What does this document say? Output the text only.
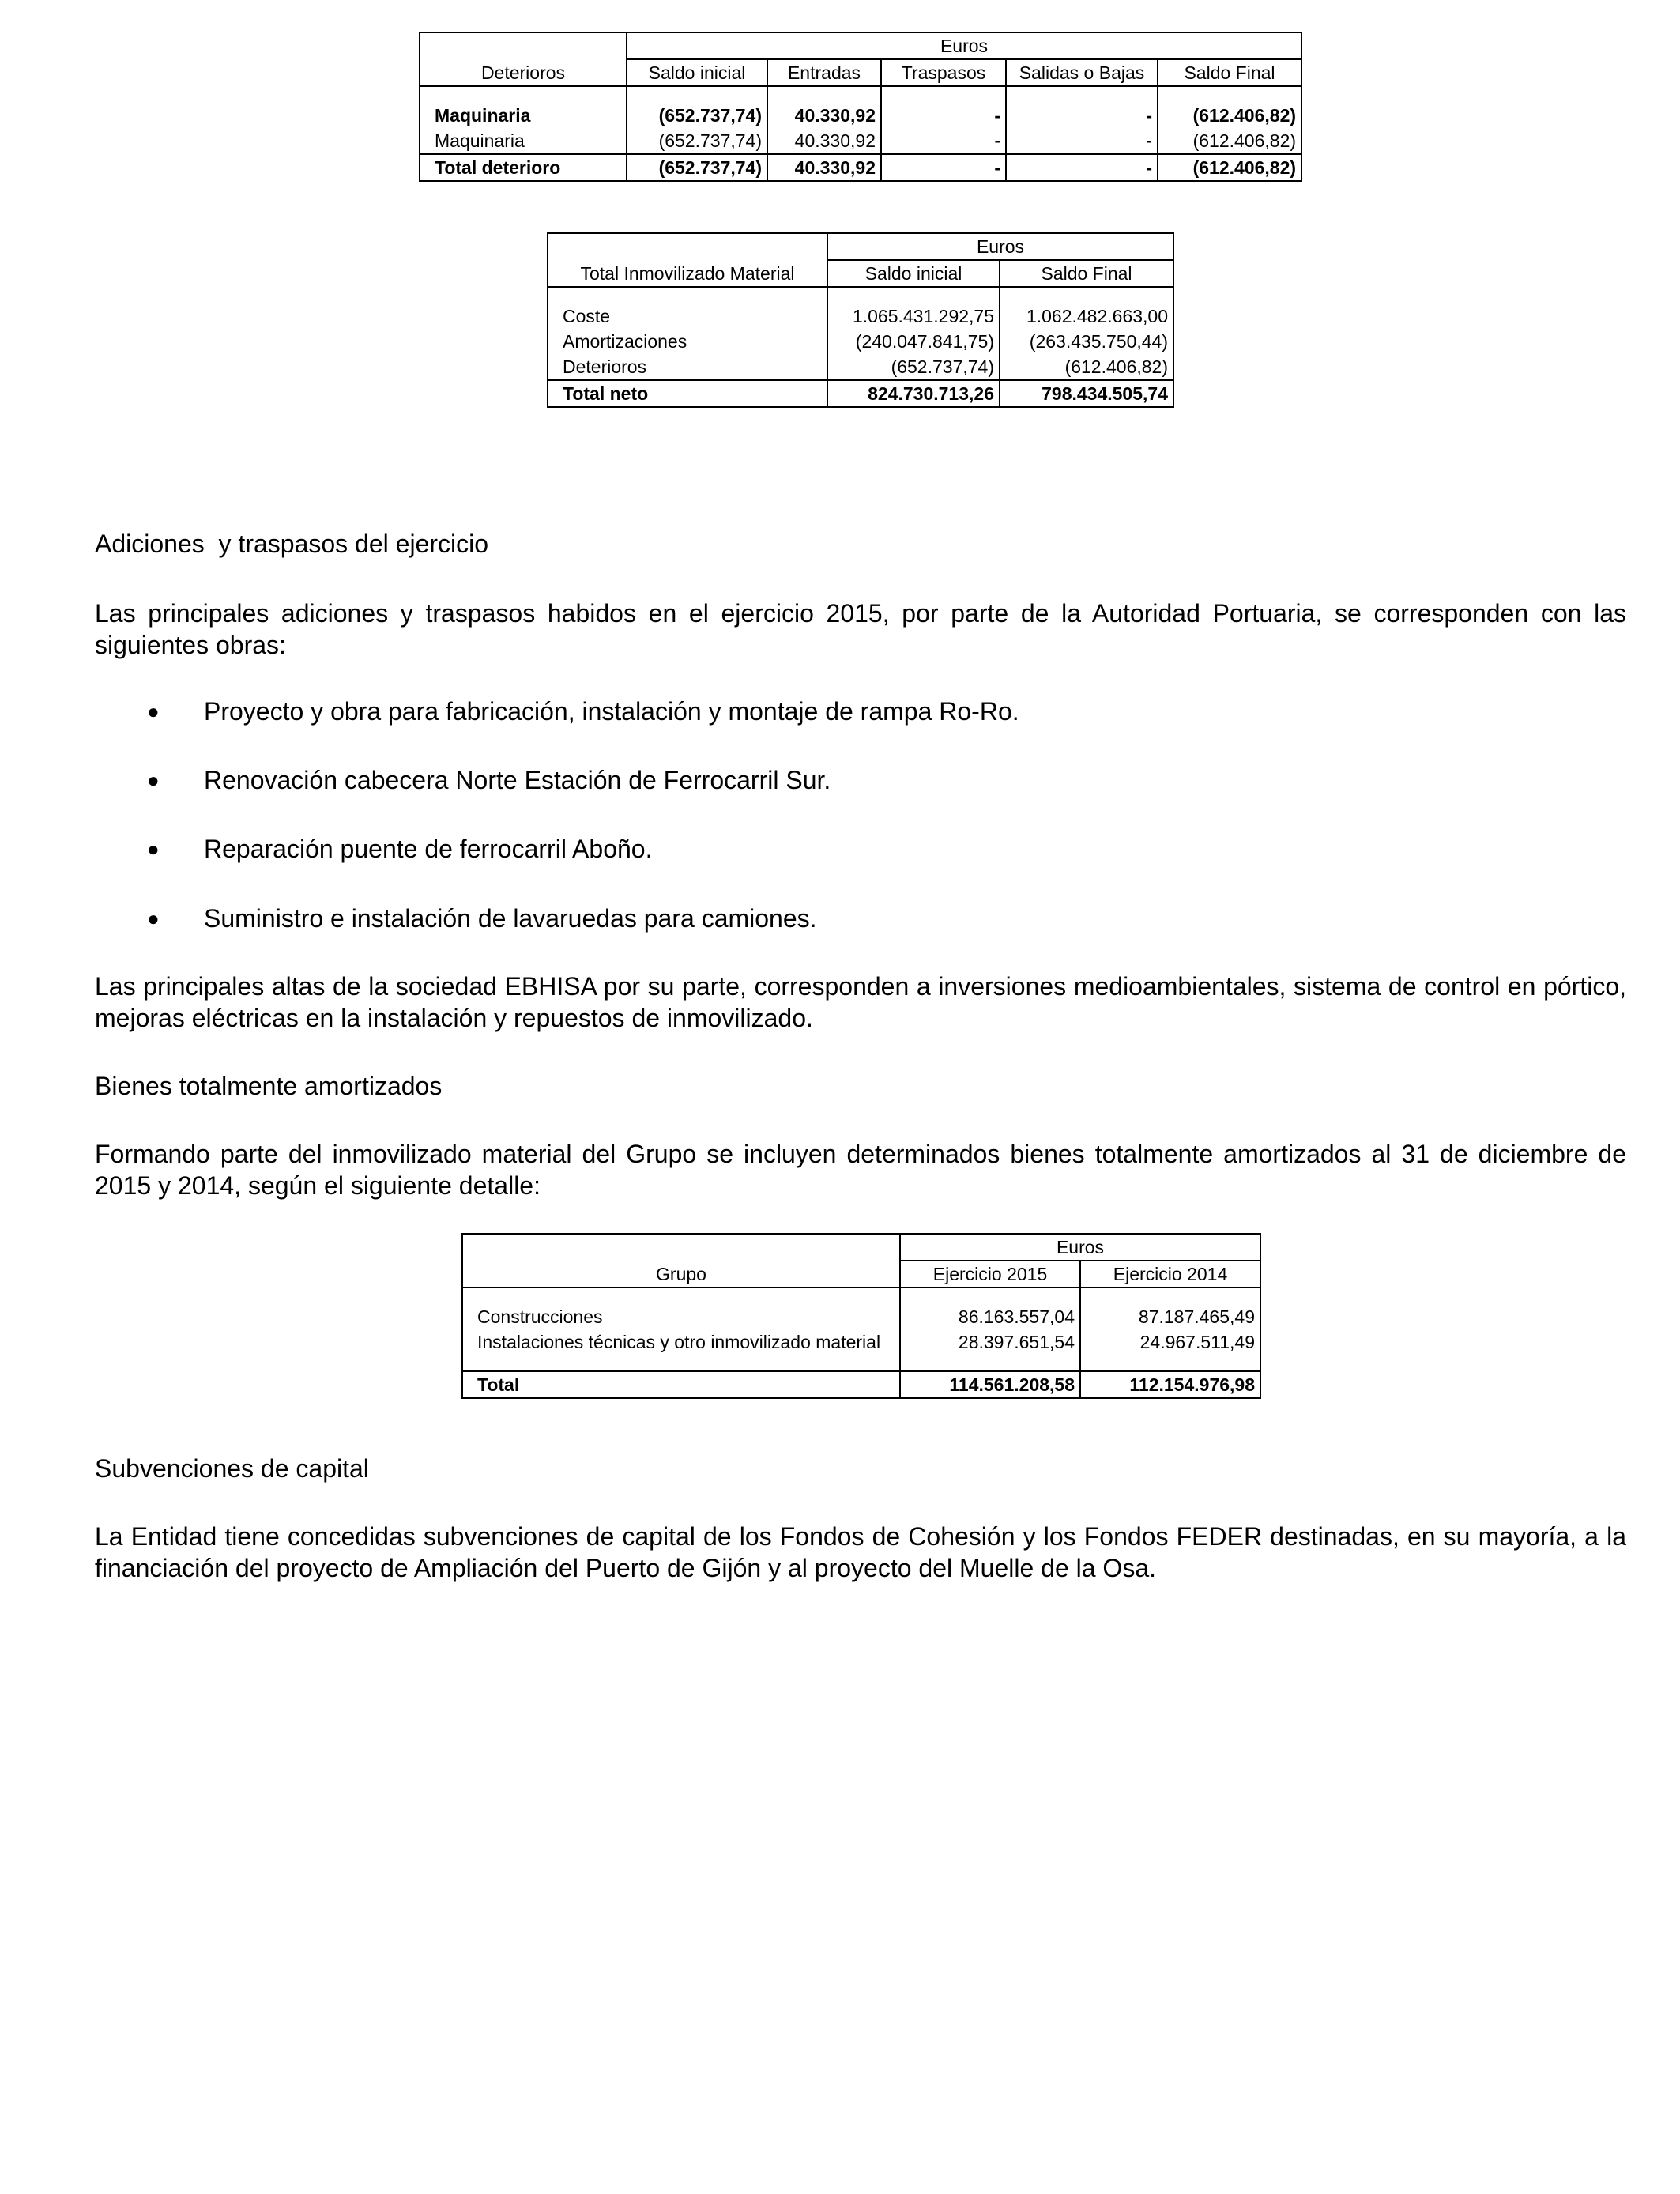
	Euros				
Deterioros	Saldo inicial	Entradas	Traspasos	Salidas o Bajas	Saldo Final

Maquinaria	(652.737,74)	40.330,92	-	-	(612.406,82)
Maquinaria	(652.737,74)	40.330,92	-	-	(612.406,82)
Total deterioro	(652.737,74)	40.330,92	-	-	(612.406,82)
	Euros	
Total Inmovilizado Material	Saldo inicial	Saldo Final

Coste	1.065.431.292,75	1.062.482.663,00
Amortizaciones	(240.047.841,75)	(263.435.750,44)
Deterioros	(652.737,74)	(612.406,82)
Total neto	824.730.713,26	798.434.505,74
Adiciones  y traspasos del ejercicio
Las principales adiciones y traspasos habidos en el ejercicio 2015, por parte de la Autoridad Portuaria, se corresponden con las siguientes obras:
● Proyecto y obra para fabricación, instalación y montaje de rampa Ro-Ro.
● Renovación cabecera Norte Estación de Ferrocarril Sur.
● Reparación puente de ferrocarril Aboño.
● Suministro e instalación de lavaruedas para camiones.
Las principales altas de la sociedad EBHISA por su parte, corresponden a inversiones medioambientales, sistema de control en pórtico, mejoras eléctricas en la instalación y repuestos de inmovilizado.
Bienes totalmente amortizados
Formando parte del inmovilizado material del Grupo se incluyen determinados bienes totalmente amortizados al 31 de diciembre de 2015 y 2014, según el siguiente detalle:
	Euros	
Grupo	Ejercicio 2015	Ejercicio 2014

Construcciones	86.163.557,04	87.187.465,49
Instalaciones técnicas y otro inmovilizado material	28.397.651,54	24.967.511,49

Total	114.561.208,58	112.154.976,98
Subvenciones de capital
La Entidad tiene concedidas subvenciones de capital de los Fondos de Cohesión y los Fondos FEDER destinadas, en su mayoría, a la financiación del proyecto de Ampliación del Puerto de Gijón y al proyecto del Muelle de la Osa.
